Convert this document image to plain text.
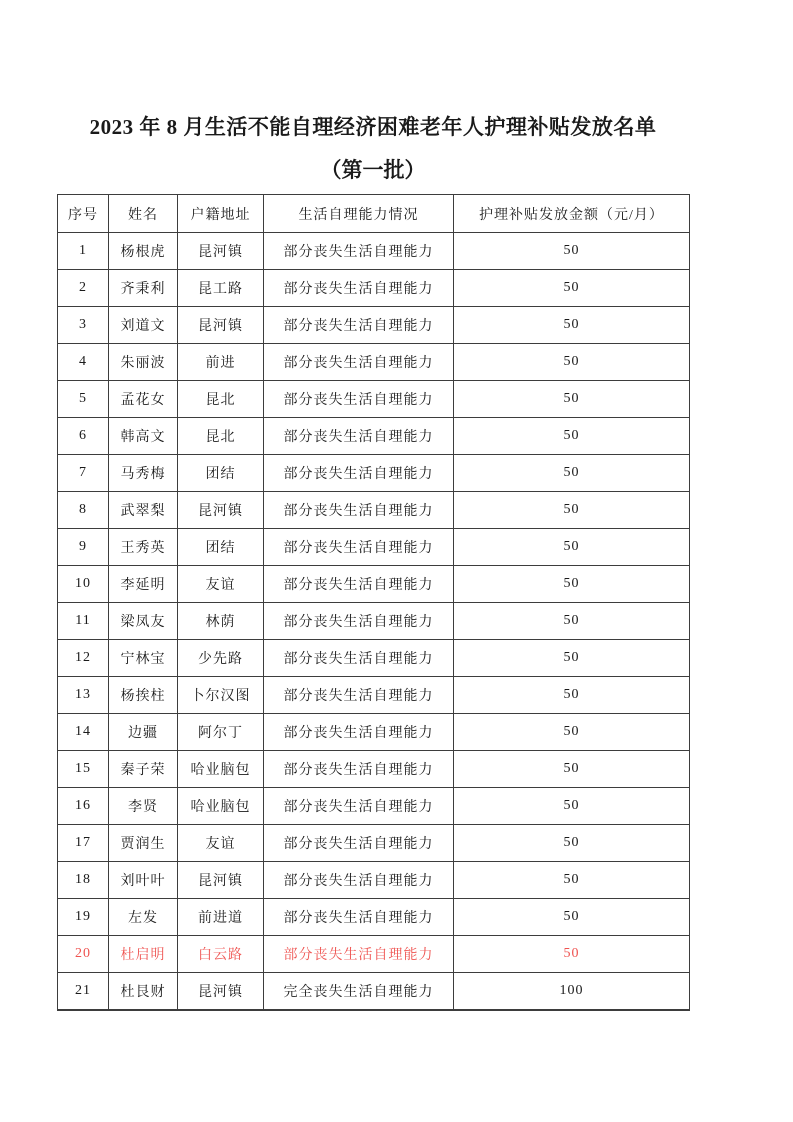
2023 年 8 月生活不能自理经济困难老年人护理补贴发放名单
（第一批）
序号	姓名	户籍地址	生活自理能力情况	护理补贴发放金额（元/月）
1	杨根虎	昆河镇	部分丧失生活自理能力	50
2	齐秉利	昆工路	部分丧失生活自理能力	50
3	刘道文	昆河镇	部分丧失生活自理能力	50
4	朱丽波	前进	部分丧失生活自理能力	50
5	孟花女	昆北	部分丧失生活自理能力	50
6	韩高文	昆北	部分丧失生活自理能力	50
7	马秀梅	团结	部分丧失生活自理能力	50
8	武翠梨	昆河镇	部分丧失生活自理能力	50
9	王秀英	团结	部分丧失生活自理能力	50
10	李延明	友谊	部分丧失生活自理能力	50
11	梁凤友	林荫	部分丧失生活自理能力	50
12	宁林宝	少先路	部分丧失生活自理能力	50
13	杨挨柱	卜尔汉图	部分丧失生活自理能力	50
14	边疆	阿尔丁	部分丧失生活自理能力	50
15	秦子荣	哈业脑包	部分丧失生活自理能力	50
16	李贤	哈业脑包	部分丧失生活自理能力	50
17	贾润生	友谊	部分丧失生活自理能力	50
18	刘叶叶	昆河镇	部分丧失生活自理能力	50
19	左发	前进道	部分丧失生活自理能力	50
20	杜启明	白云路	部分丧失生活自理能力	50
21	杜艮财	昆河镇	完全丧失生活自理能力	100
